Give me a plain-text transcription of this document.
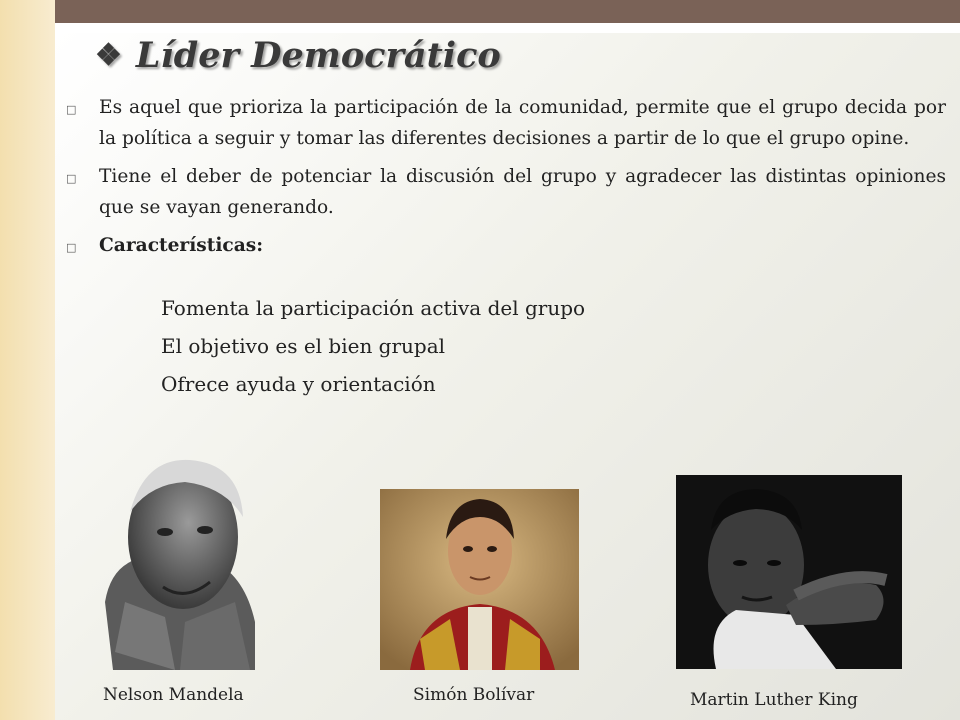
❖ Líder Democrático
□	Es aquel que prioriza la participación de la comunidad, permite que el grupo decida por la política a seguir y tomar las diferentes decisiones a partir de lo que el grupo opine.
□	Tiene el deber de potenciar la discusión del grupo y agradecer las distintas opiniones que se vayan generando.
□	Características:
Fomenta la participación activa del grupo
El objetivo es el bien grupal
Ofrece ayuda y orientación
Nelson Mandela	Simón Bolívar	Martin Luther King
